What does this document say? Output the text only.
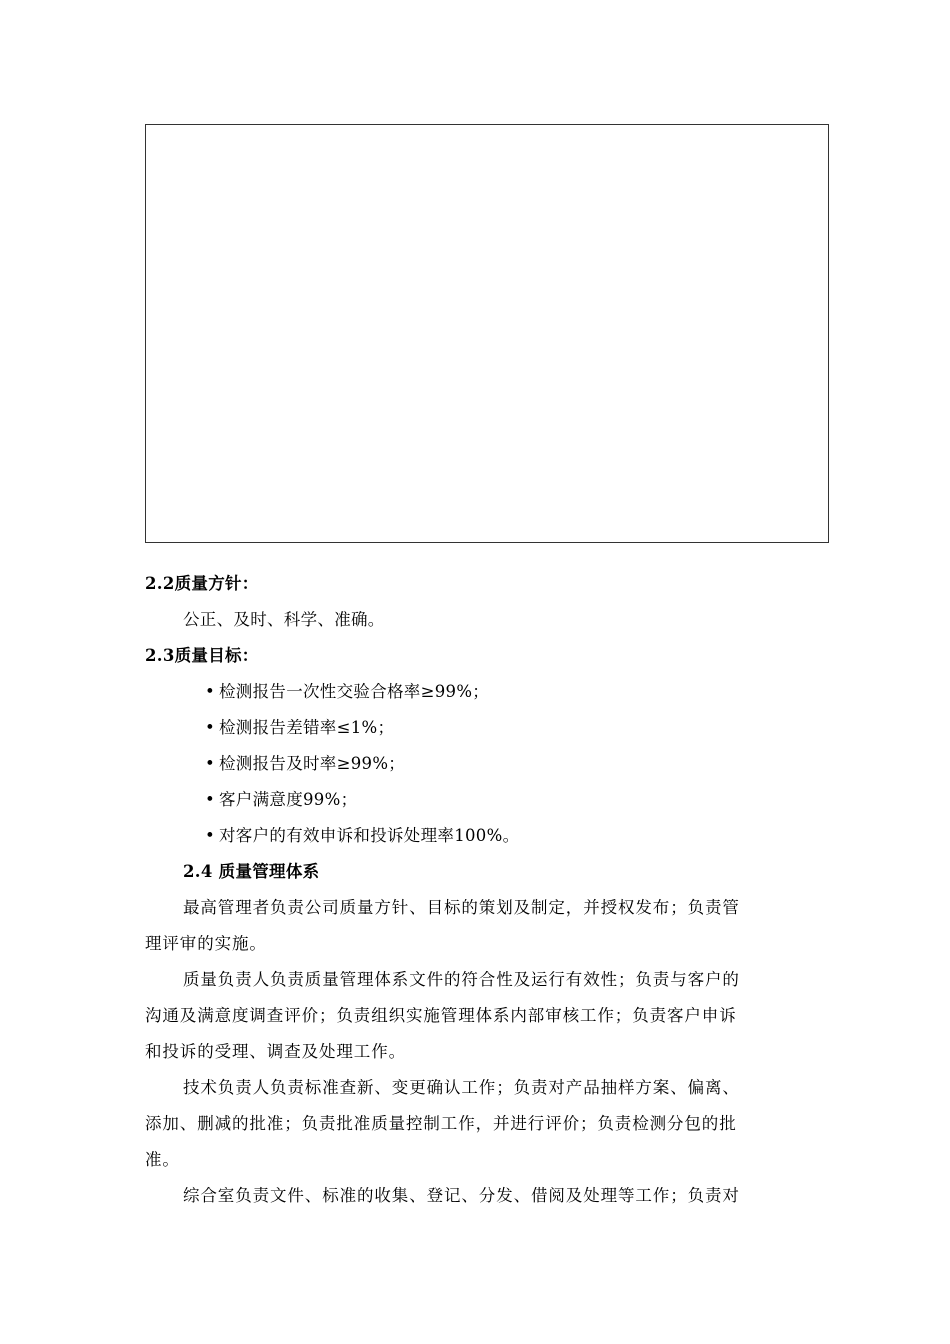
2.2质量方针：
公正、及时、科学、准确。
2.3质量目标：
• 检测报告一次性交验合格率≥99%；
• 检测报告差错率≤1%；
• 检测报告及时率≥99%；
• 客户满意度99%；
• 对客户的有效申诉和投诉处理率100%。
2.4 质量管理体系
最高管理者负责公司质量方针、目标的策划及制定，并授权发布；负责管
理评审的实施。
质量负责人负责质量管理体系文件的符合性及运行有效性；负责与客户的
沟通及满意度调查评价；负责组织实施管理体系内部审核工作；负责客户申诉
和投诉的受理、调查及处理工作。
技术负责人负责标准查新、变更确认工作；负责对产品抽样方案、偏离、
添加、删减的批准；负责批准质量控制工作，并进行评价；负责检测分包的批
准。
综合室负责文件、标准的收集、登记、分发、借阅及处理等工作；负责对
